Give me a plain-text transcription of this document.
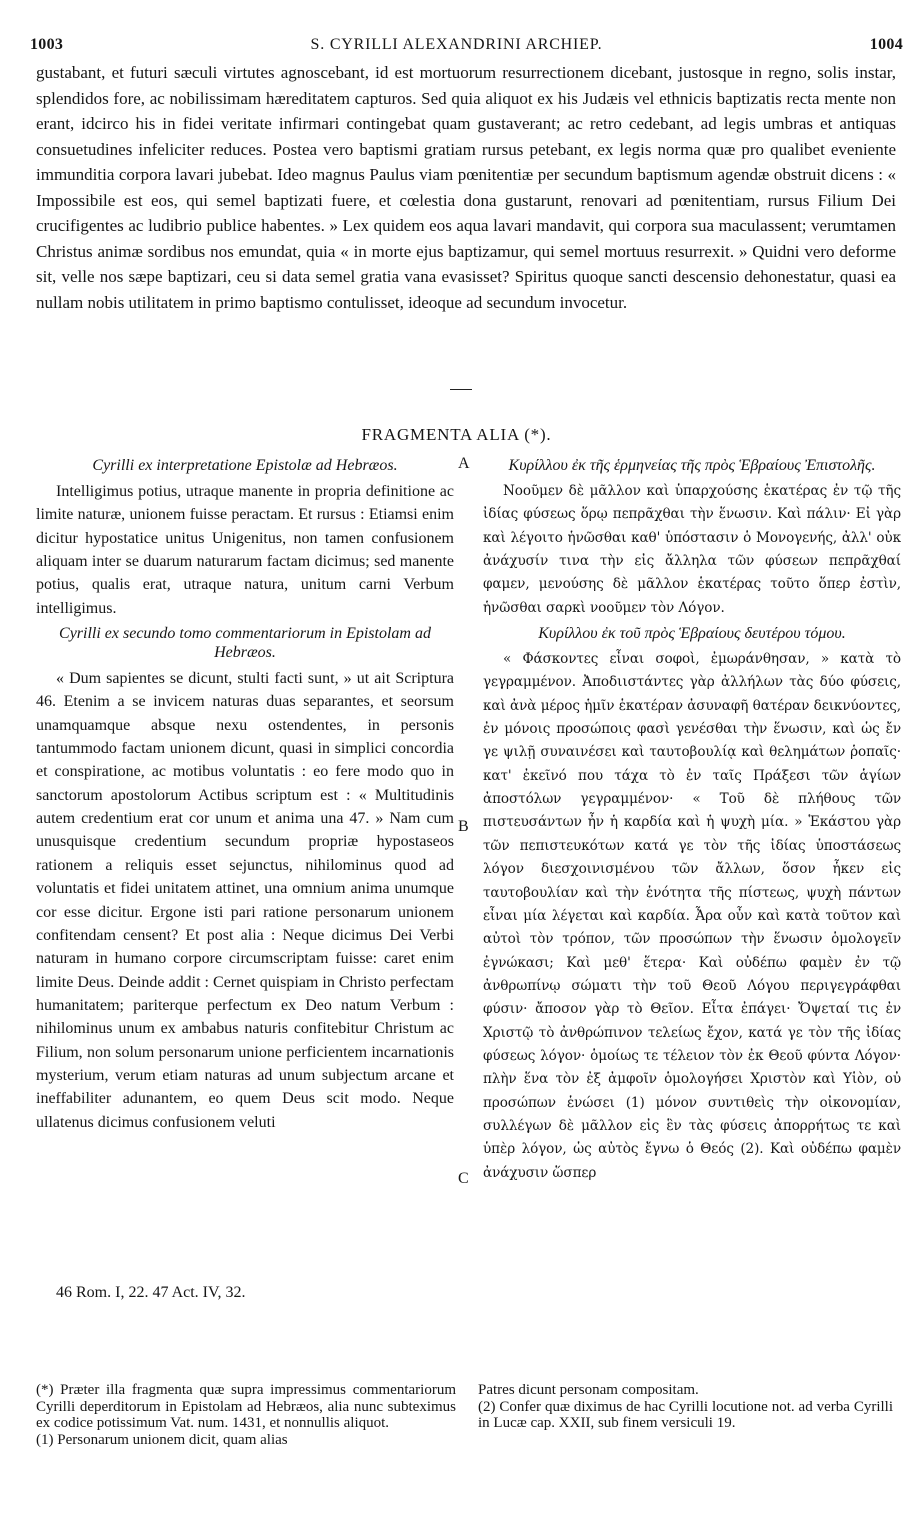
S. CYRILLI ALEXANDRINI ARCHIEP.
1003	1004
gustabant, et futuri sæculi virtutes agnoscebant, id est mortuorum resurrectionem dicebant, justosque in regno, solis instar, splendidos fore, ac nobilissimam hæreditatem capturos. Sed quia aliquot ex his Judæis vel ethnicis baptizatis recta mente non erant, idcirco his in fidei veritate infirmari contingebat quam gustaverant; ac retro cedebant, ad legis umbras et antiquas consuetudines infeliciter reduces. Postea vero baptismi gratiam rursus petebant, ex legis norma quæ pro qualibet eveniente immunditia corpora lavari jubebat. Ideo magnus Paulus viam pœnitentiæ per secundum baptismum agendæ obstruit dicens : « Impossibile est eos, qui semel baptizati fuere, et cœlestia dona gustarunt, renovari ad pœnitentiam, rursus Filium Dei crucifigentes ac ludibrio publice habentes. » Lex quidem eos aqua lavari mandavit, qui corpora sua maculassent; verumtamen Christus animæ sordibus nos emundat, quia « in morte ejus baptizamur, qui semel mortuus resurrexit. » Quidni vero deforme sit, velle nos sæpe baptizari, ceu si data semel gratia vana evasisset? Spiritus quoque sancti descensio dehonestatur, quasi ea nullam nobis utilitatem in primo baptismo contulisset, ideoque ad secundum invocetur.
FRAGMENTA ALIA (*).
Cyrilli ex interpretatione Epistolæ ad Hebræos.

Intelligimus potius, utraque manente in propria definitione ac limite naturæ, unionem fuisse peractam. Et rursus : Etiamsi enim dicitur hypostatice unitus Unigenitus, non tamen confusionem aliquam inter se duarum naturarum factam dicimus; sed manente potius, qualis erat, utraque natura, unitum carni Verbum intelligimus.

Cyrilli ex secundo tomo commentariorum in Epistolam ad Hebræos.

« Dum sapientes se dicunt, stulti facti sunt, » ut ait Scriptura 46. Etenim a se invicem naturas duas separantes, et seorsum unamquamque absque nexu ostendentes, in personis tantummodo factam unionem dicunt, quasi in simplici concordia et conspiratione, ac motibus voluntatis : eo fere modo quo in sanctorum apostolorum Actibus scriptum est : « Multitudinis autem credentium erat cor unum et anima una 47. » Nam cum unusquisque credentium secundum propriæ hypostaseos rationem a reliquis esset sejunctus, nihilominus quod ad voluntatis et fidei unitatem attinet, una omnium anima unumque cor esse dicitur. Ergone isti pari ratione personarum unionem confitendam censent? Et post alia : Neque dicimus Dei Verbi naturam in humano corpore circumscriptam fuisse: caret enim limite Deus. Deinde addit : Cernet quispiam in Christo perfectam humanitatem; pariterque perfectum ex Deo natum Verbum : nihilominus unum ex ambabus naturis confitebitur Christum ac Filium, non solum personarum unione perficientem incarnationis mysterium, verum etiam naturas ad unum subjectum arcane et ineffabiliter adunantem, eo quem Deus scit modo. Neque ullatenus dicimus confusionem veluti

Κυρίλλου ἐκ τῆς ἑρμηνείας τῆς πρὸς Ἑβραίους Ἐπιστολῆς.

Νοοῦμεν δὲ μᾶλλον καὶ ὑπαρχούσης ἑκατέρας ἐν τῷ τῆς ἰδίας φύσεως ὅρῳ πεπρᾶχθαι τὴν ἕνωσιν. Καὶ πάλιν· Εἰ γὰρ καὶ λέγοιτο ἡνῶσθαι καθ' ὑπόστασιν ὁ Μονογενής, ἀλλ' οὐκ ἀνάχυσίν τινα τὴν εἰς ἄλληλα τῶν φύσεων πεπρᾶχθαί φαμεν, μενούσης δὲ μᾶλλον ἑκατέρας τοῦτο ὅπερ ἐστὶν, ἡνῶσθαι σαρκὶ νοοῦμεν τὸν Λόγον.

Κυρίλλου ἐκ τοῦ πρὸς Ἑβραίους δευτέρου τόμου.

« Φάσκοντες εἶναι σοφοὶ, ἐμωράνθησαν, » κατὰ τὸ γεγραμμένον. Ἀποδιιστάντες γὰρ ἀλλήλων τὰς δύο φύσεις, καὶ ἀνὰ μέρος ἡμῖν ἑκατέραν ἀσυναφῆ θατέραν δεικνύοντες, ἐν μόνοις προσώποις φασὶ γενέσθαι τὴν ἕνωσιν, καὶ ὡς ἔν γε ψιλῇ συναινέσει καὶ ταυτοβουλίᾳ καὶ θελημάτων ῥοπαῖς· κατ' ἐκεῖνό που τάχα τὸ ἐν ταῖς Πράξεσι τῶν ἁγίων ἀποστόλων γεγραμμένον· « Τοῦ δὲ πλήθους τῶν πιστευσάντων ἦν ἡ καρδία καὶ ἡ ψυχὴ μία. » Ἑκάστου γὰρ τῶν πεπιστευκότων κατά γε τὸν τῆς ἰδίας ὑποστάσεως λόγον διεσχοινισμένου τῶν ἄλλων, ὅσον ἧκεν εἰς ταυτοβουλίαν καὶ τὴν ἑνότητα τῆς πίστεως, ψυχὴ πάντων εἶναι μία λέγεται καὶ καρδία. Ἆρα οὖν καὶ κατὰ τοῦτον καὶ αὐτοὶ τὸν τρόπον, τῶν προσώπων τὴν ἕνωσιν ὁμολογεῖν ἐγνώκασι; Καὶ μεθ' ἕτερα· Καὶ οὐδέπω φαμὲν ἐν τῷ ἀνθρωπίνῳ σώματι τὴν τοῦ Θεοῦ Λόγου περιγεγράφθαι φύσιν· ἄποσον γὰρ τὸ Θεῖον. Εἶτα ἐπάγει· Ὄψεταί τις ἐν Χριστῷ τὸ ἀνθρώπινον τελείως ἔχον, κατά γε τὸν τῆς ἰδίας φύσεως λόγον· ὁμοίως τε τέλειον τὸν ἐκ Θεοῦ φύντα Λόγον· πλὴν ἕνα τὸν ἐξ ἀμφοῖν ὁμολογήσει Χριστὸν καὶ Υἱὸν, οὐ προσώπων ἑνώσει (1) μόνον συντιθεὶς τὴν οἰκονομίαν, συλλέγων δὲ μᾶλλον εἰς ἓν τὰς φύσεις ἀπορρήτως τε καὶ ὑπὲρ λόγον, ὡς αὐτὸς ἔγνω ὁ Θεός (2). Καὶ οὐδέπω φαμὲν ἀνάχυσιν ὥσπερ

A
B
C
46 Rom. I, 22. 47 Act. IV, 32.

(*) Præter illa fragmenta quæ supra impressimus commentariorum Cyrilli deperditorum in Epistolam ad Hebræos, alia nunc subteximus ex codice potissimum Vat. num. 1431, et nonnullis aliquot.

(1) Personarum unionem dicit, quam alias

Patres dicunt personam compositam.

(2) Confer quæ diximus de hac Cyrilli locutione not. ad verba Cyrilli in Lucæ cap. XXII, sub finem versiculi 19.
